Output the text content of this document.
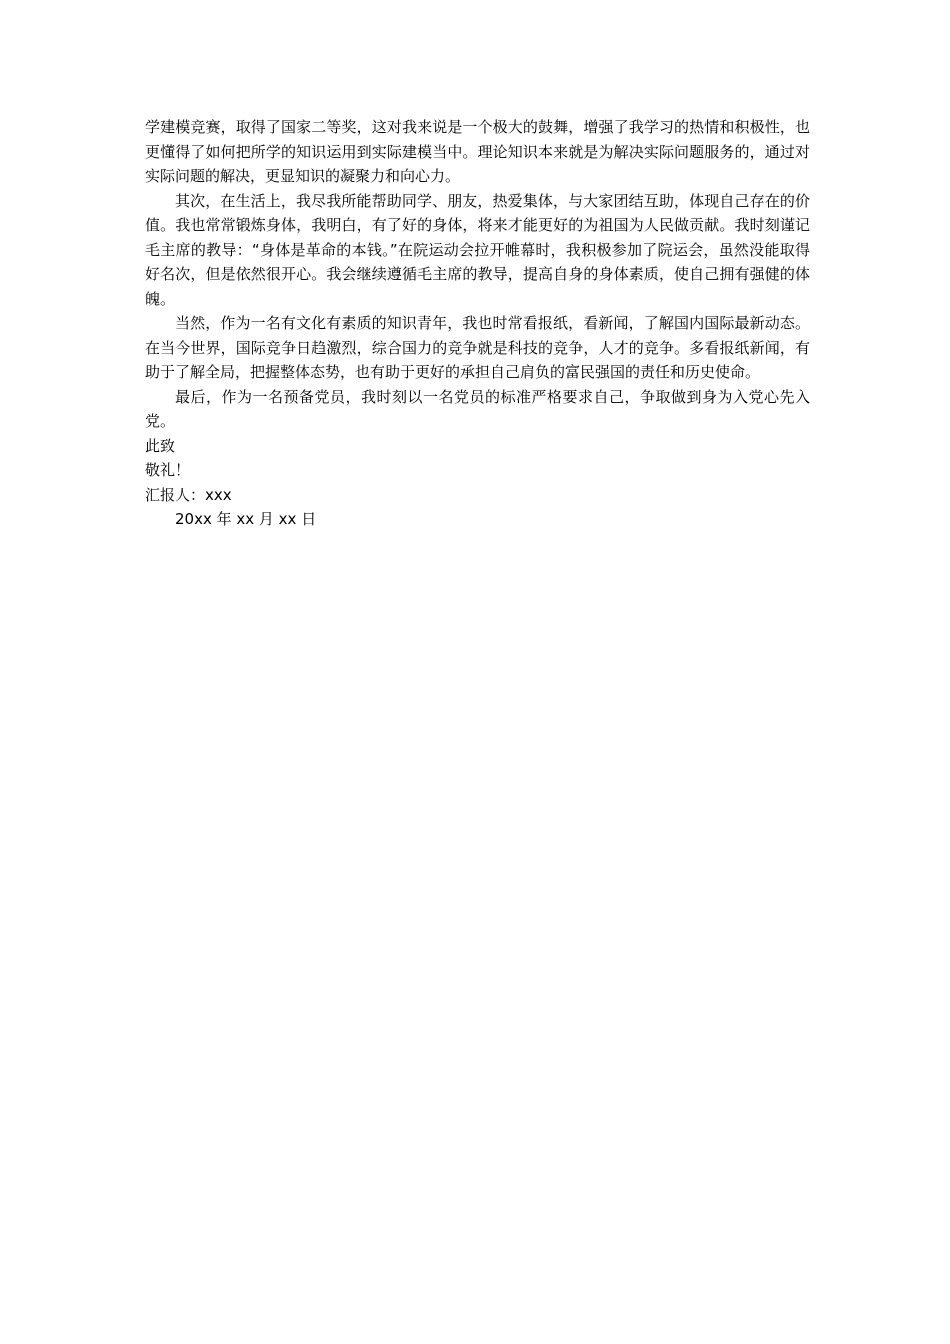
学建模竞赛，取得了国家二等奖，这对我来说是一个极大的鼓舞，增强了我学习的热情和积极性，也更懂得了如何把所学的知识运用到实际建模当中。理论知识本来就是为解决实际问题服务的，通过对实际问题的解决，更显知识的凝聚力和向心力。

其次，在生活上，我尽我所能帮助同学、朋友，热爱集体，与大家团结互助，体现自己存在的价值。我也常常锻炼身体，我明白，有了好的身体，将来才能更好的为祖国为人民做贡献。我时刻谨记毛主席的教导：“身体是革命的本钱。”在院运动会拉开帷幕时，我积极参加了院运会，虽然没能取得好名次，但是依然很开心。我会继续遵循毛主席的教导，提高自身的身体素质，使自己拥有强健的体魄。

当然，作为一名有文化有素质的知识青年，我也时常看报纸，看新闻，了解国内国际最新动态。在当今世界，国际竞争日趋激烈，综合国力的竞争就是科技的竞争，人才的竞争。多看报纸新闻，有助于了解全局，把握整体态势，也有助于更好的承担自己肩负的富民强国的责任和历史使命。

最后，作为一名预备党员，我时刻以一名党员的标准严格要求自己，争取做到身为入党心先入党。

此致

敬礼！

汇报人：xxx

20xx 年 xx 月 xx 日
